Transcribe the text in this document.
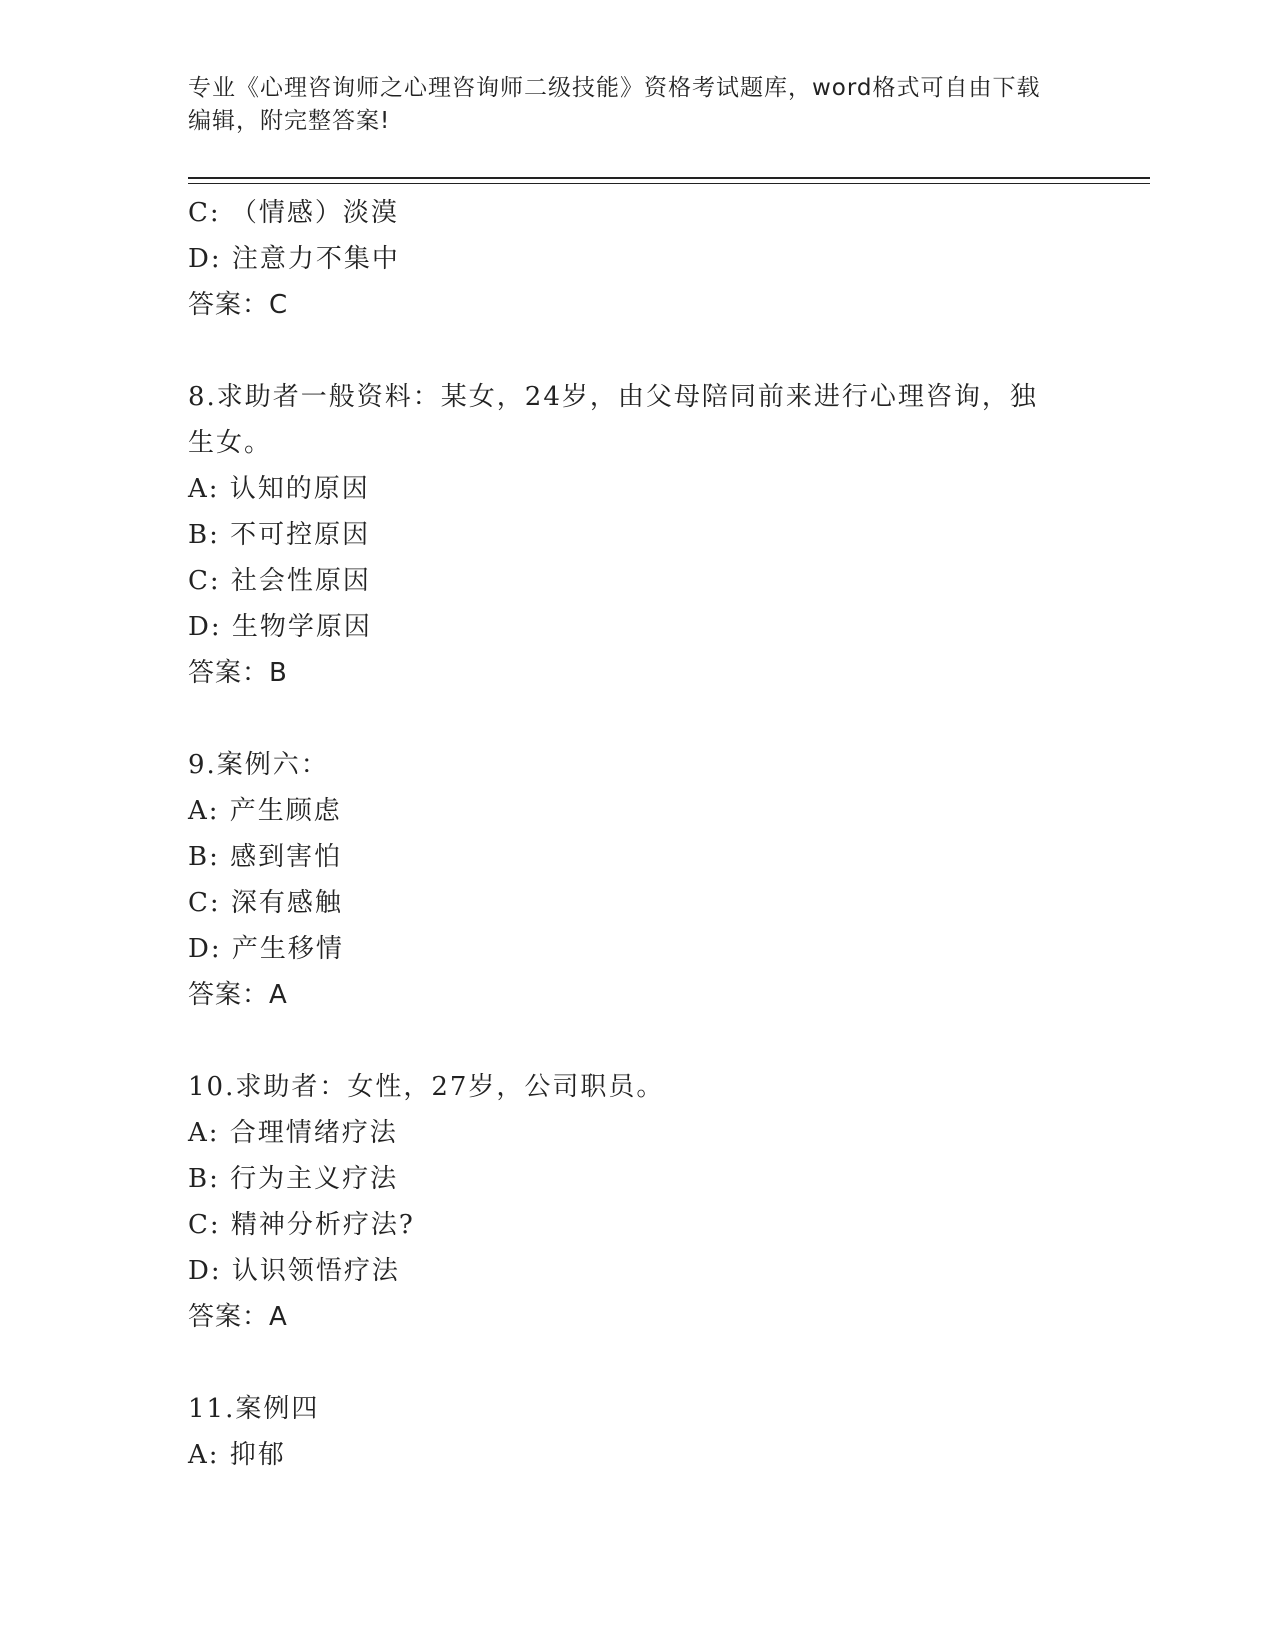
专业《心理咨询师之心理咨询师二级技能》资格考试题库，word格式可自由下载
编辑，附完整答案!
C: （情感）淡漠
D: 注意力不集中
答案：C
8.求助者一般资料：某女，24岁，由父母陪同前来进行心理咨询，独
生女。
A: 认知的原因
B: 不可控原因
C: 社会性原因
D: 生物学原因
答案：B
9.案例六：
A: 产生顾虑
B: 感到害怕
C: 深有感触
D: 产生移情
答案：A
10.求助者：女性，27岁，公司职员。
A: 合理情绪疗法
B: 行为主义疗法
C: 精神分析疗法?
D: 认识领悟疗法
答案：A
11.案例四
A: 抑郁
